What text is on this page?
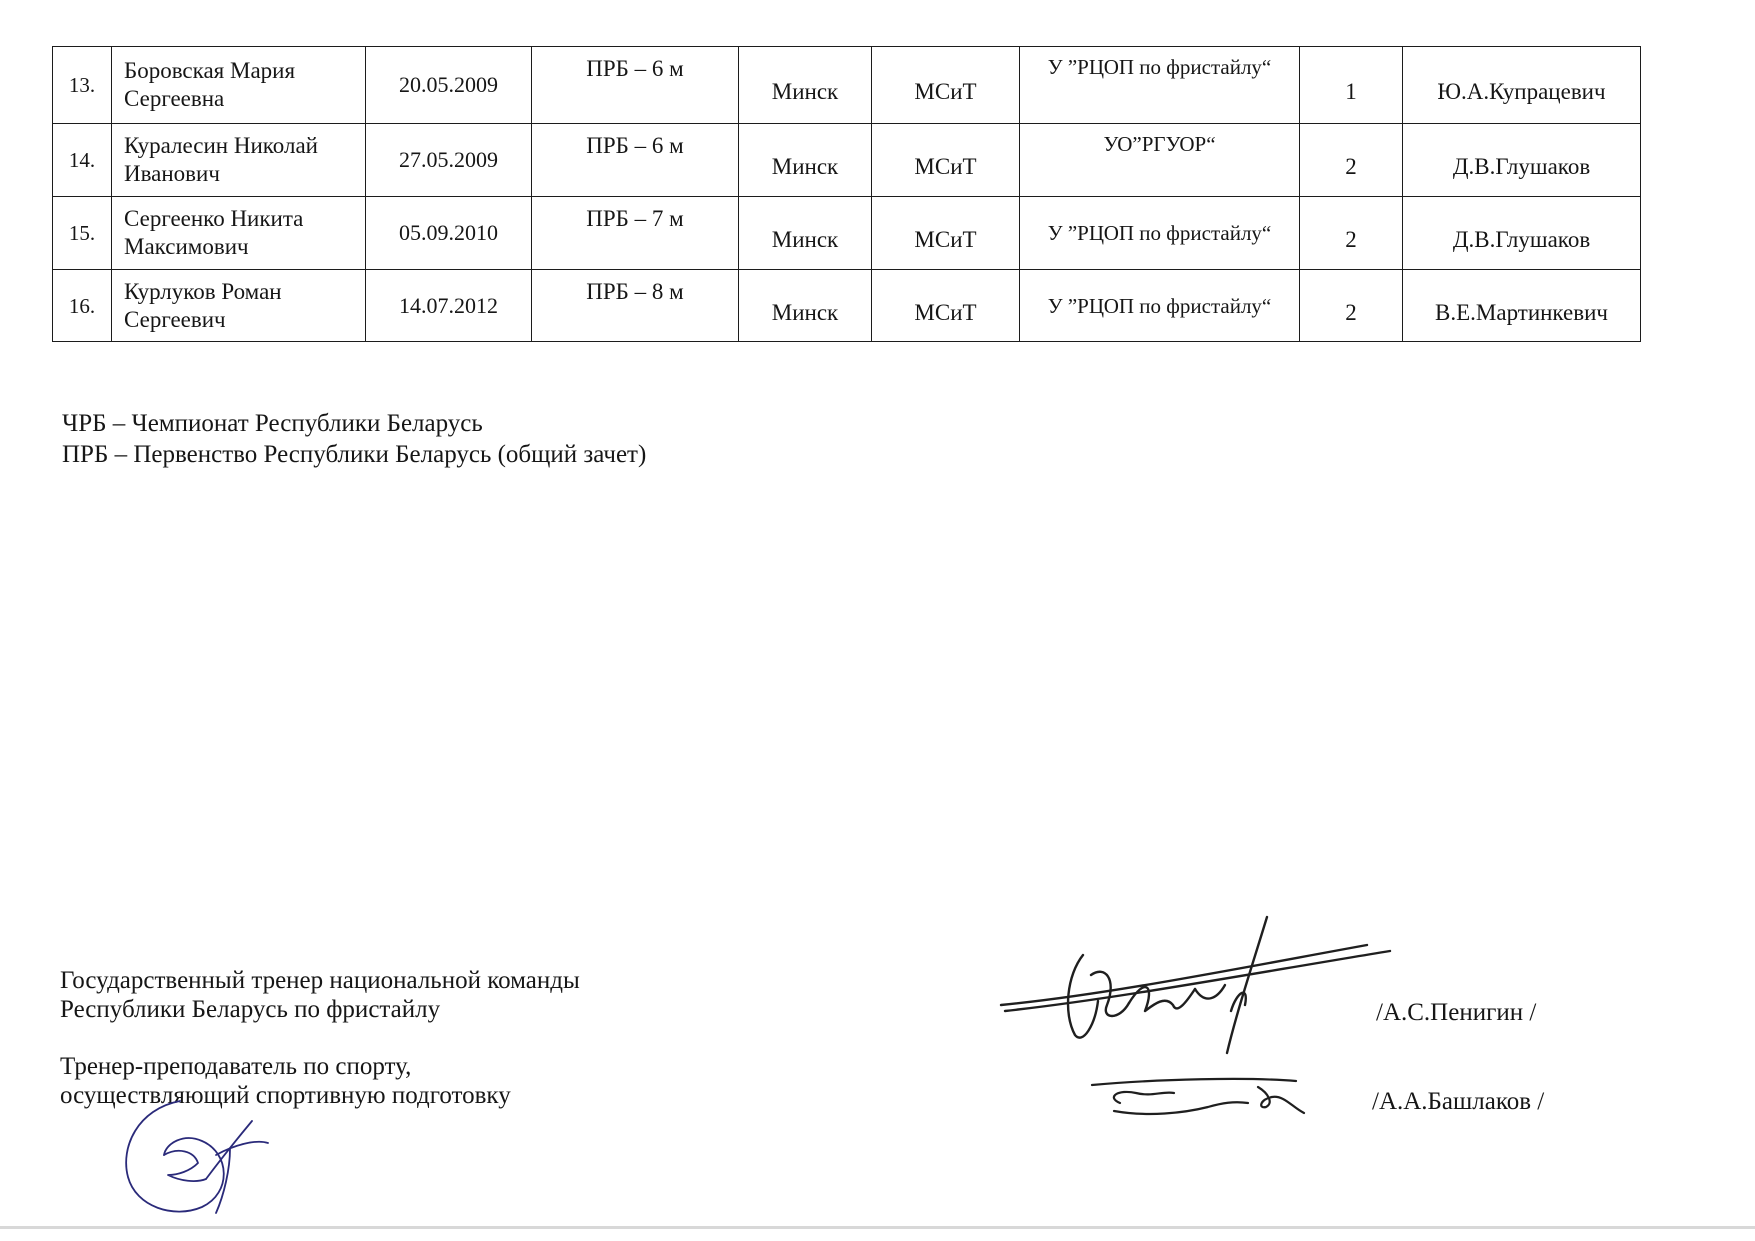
13.	Боровская Мария Сергеевна	20.05.2009	ПРБ – 6 м	Минск	МСиТ	У ”РЦОП по фристайлу“	1	Ю.А.Купрацевич
14.	Куралесин Николай Иванович	27.05.2009	ПРБ – 6 м	Минск	МСиТ	УО”РГУОР“	2	Д.В.Глушаков
15.	Сергеенко Никита Максимович	05.09.2010	ПРБ – 7 м	Минск	МСиТ	У ”РЦОП по фристайлу“	2	Д.В.Глушаков
16.	Курлуков Роман Сергеевич	14.07.2012	ПРБ – 8 м	Минск	МСиТ	У ”РЦОП по фристайлу“	2	В.Е.Мартинкевич
ЧРБ – Чемпионат Республики Беларусь
ПРБ – Первенство Республики Беларусь (общий зачет)
Государственный тренер национальной команды
Республики Беларусь по фристайлу	/А.С.Пенигин /
Тренер-преподаватель по спорту,
осуществляющий спортивную подготовку	/А.А.Башлаков /
